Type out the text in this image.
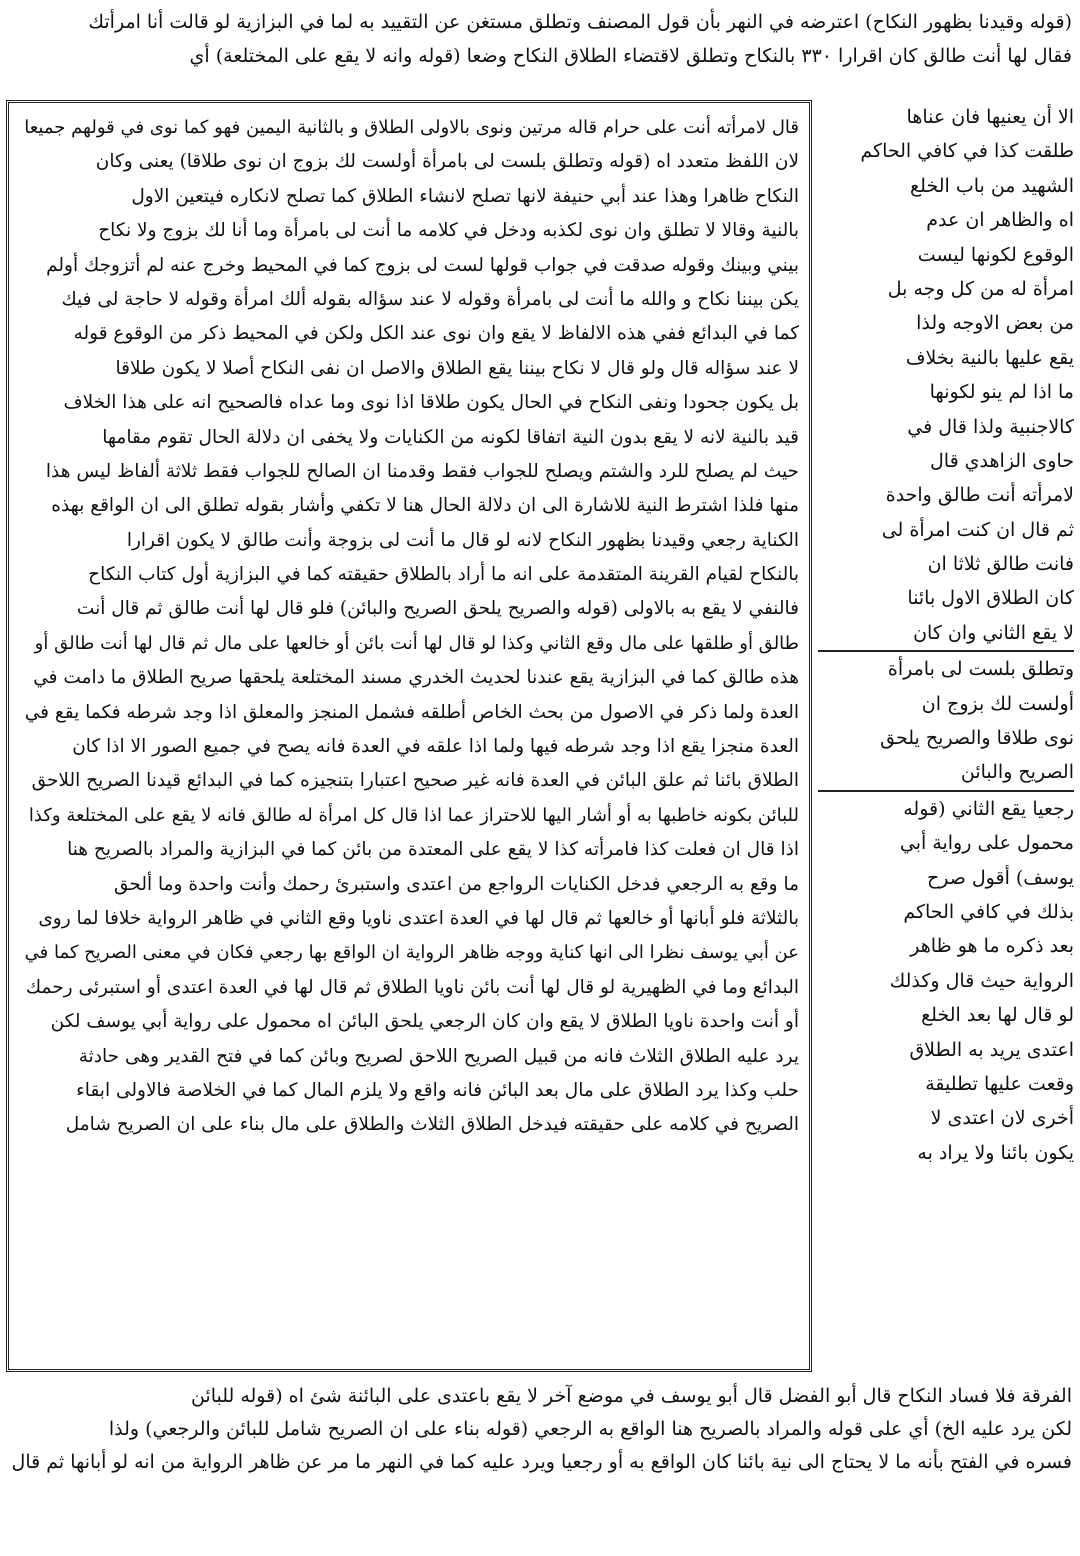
(قوله وقيدنا بظهور النكاح) اعترضه في النهر بأن قول المصنف وتطلق مستغن عن التقييد به لما في البزازية لو قالت أنا امرأتك
فقال لها أنت طالق كان اقرارا ٣٣٠ بالنكاح وتطلق لاقتضاء الطلاق النكاح وضعا (قوله وانه لا يقع على المختلعة) أي
قال لامرأته أنت على حرام قاله مرتين ونوى بالاولى الطلاق و بالثانية اليمين فهو كما نوى في قولهم جميعا
لان اللفظ متعدد اه (قوله وتطلق بلست لى بامرأة أولست لك بزوج ان نوى طلاقا) يعنى وكان
النكاح ظاهرا وهذا عند أبي حنيفة لانها تصلح لانشاء الطلاق كما تصلح لانكاره فيتعين الاول
بالنية وقالا لا تطلق وان نوى لكذبه ودخل في كلامه ما أنت لى بامرأة وما أنا لك بزوج ولا نكاح
بيني وبينك وقوله صدقت في جواب قولها لست لى بزوج كما في المحيط وخرج عنه لم أتزوجك أولم
يكن بيننا نكاح و والله ما أنت لى بامرأة وقوله لا عند سؤاله بقوله ألك امرأة وقوله لا حاجة لى فيك
كما في البدائع ففي هذه الالفاظ لا يقع وان نوى عند الكل ولكن في المحيط ذكر من الوقوع قوله
لا عند سؤاله قال ولو قال لا نكاح بيننا يقع الطلاق والاصل ان نفى النكاح أصلا لا يكون طلاقا
بل يكون جحودا ونفى النكاح في الحال يكون طلاقا اذا نوى وما عداه فالصحيح انه على هذا الخلاف
قيد بالنية لانه لا يقع بدون النية اتفاقا لكونه من الكنايات ولا يخفى ان دلالة الحال تقوم مقامها
حيث لم يصلح للرد والشتم ويصلح للجواب فقط وقدمنا ان الصالح للجواب فقط ثلاثة ألفاظ ليس هذا
منها فلذا اشترط النية للاشارة الى ان دلالة الحال هنا لا تكفي وأشار بقوله تطلق الى ان الواقع بهذه
الكناية رجعي وقيدنا بظهور النكاح لانه لو قال ما أنت لى بزوجة وأنت طالق لا يكون اقرارا
بالنكاح لقيام القرينة المتقدمة على انه ما أراد بالطلاق حقيقته كما في البزازية أول كتاب النكاح
فالنفي لا يقع به بالاولى (قوله والصريح يلحق الصريح والبائن) فلو قال لها أنت طالق ثم قال أنت
طالق أو طلقها على مال وقع الثاني وكذا لو قال لها أنت بائن أو خالعها على مال ثم قال لها أنت طالق أو
هذه طالق كما في البزازية يقع عندنا لحديث الخدري مسند المختلعة يلحقها صريح الطلاق ما دامت في
العدة ولما ذكر في الاصول من بحث الخاص أطلقه فشمل المنجز والمعلق اذا وجد شرطه فكما يقع في
العدة منجزا يقع اذا وجد شرطه فيها ولما اذا علقه في العدة فانه يصح في جميع الصور الا اذا كان
الطلاق بائنا ثم علق البائن في العدة فانه غير صحيح اعتبارا بتنجيزه كما في البدائع قيدنا الصريح اللاحق
للبائن بكونه خاطبها به أو أشار اليها للاحتراز عما اذا قال كل امرأة له طالق فانه لا يقع على المختلعة وكذا
اذا قال ان فعلت كذا فامرأته كذا لا يقع على المعتدة من بائن كما في البزازية والمراد بالصريح هنا
ما وقع به الرجعي فدخل الكنايات الرواجع من اعتدى واستبرئ رحمك وأنت واحدة وما ألحق
بالثلاثة فلو أبانها أو خالعها ثم قال لها في العدة اعتدى ناويا وقع الثاني في ظاهر الرواية خلافا لما روى
عن أبي يوسف نظرا الى انها كناية ووجه ظاهر الرواية ان الواقع بها رجعي فكان في معنى الصريح كما في
البدائع وما في الظهيرية لو قال لها أنت بائن ناويا الطلاق ثم قال لها في العدة اعتدى أو استبرئى رحمك
أو أنت واحدة ناويا الطلاق لا يقع وان كان الرجعي يلحق البائن اه محمول على رواية أبي يوسف لكن
يرد عليه الطلاق الثلاث فانه من قبيل الصريح اللاحق لصريح وبائن كما في فتح القدير وهى حادثة
حلب وكذا يرد الطلاق على مال بعد البائن فانه واقع ولا يلزم المال كما في الخلاصة فالاولى ابقاء
الصريح في كلامه على حقيقته فيدخل الطلاق الثلاث والطلاق على مال بناء على ان الصريح شامل
الا أن يعنيها فان عناها
طلقت كذا في كافي الحاكم
الشهيد من باب الخلع
اه والظاهر ان عدم
الوقوع لكونها ليست
امرأة له من كل وجه بل
من بعض الاوجه ولذا
يقع عليها بالنية بخلاف
ما اذا لم ينو لكونها
كالاجنبية ولذا قال في
حاوى الزاهدي قال
لامرأته أنت طالق واحدة
ثم قال ان كنت امرأة لى
فانت طالق ثلاثا ان
كان الطلاق الاول بائنا
لا يقع الثاني وان كان
وتطلق بلست لى بامرأة
أولست لك بزوج ان
نوى طلاقا والصريح يلحق
الصريح والبائن
رجعيا يقع الثاني (قوله
محمول على رواية أبي
يوسف) أقول صرح
بذلك في كافي الحاكم
بعد ذكره ما هو ظاهر
الرواية حيث قال وكذلك
لو قال لها بعد الخلع
اعتدى يريد به الطلاق
وقعت عليها تطليقة
أخرى لان اعتدى لا
يكون بائنا ولا يراد به
الفرقة فلا فساد النكاح قال أبو الفضل قال أبو يوسف في موضع آخر لا يقع باعتدى على البائنة شئ اه (قوله للبائن
لكن يرد عليه الخ) أي على قوله والمراد بالصريح هنا الواقع به الرجعي (قوله بناء على ان الصريح شامل للبائن والرجعي) ولذا
فسره في الفتح بأنه ما لا يحتاج الى نية بائنا كان الواقع به أو رجعيا ويرد عليه كما في النهر ما مر عن ظاهر الرواية من انه لو أبانها ثم قال
